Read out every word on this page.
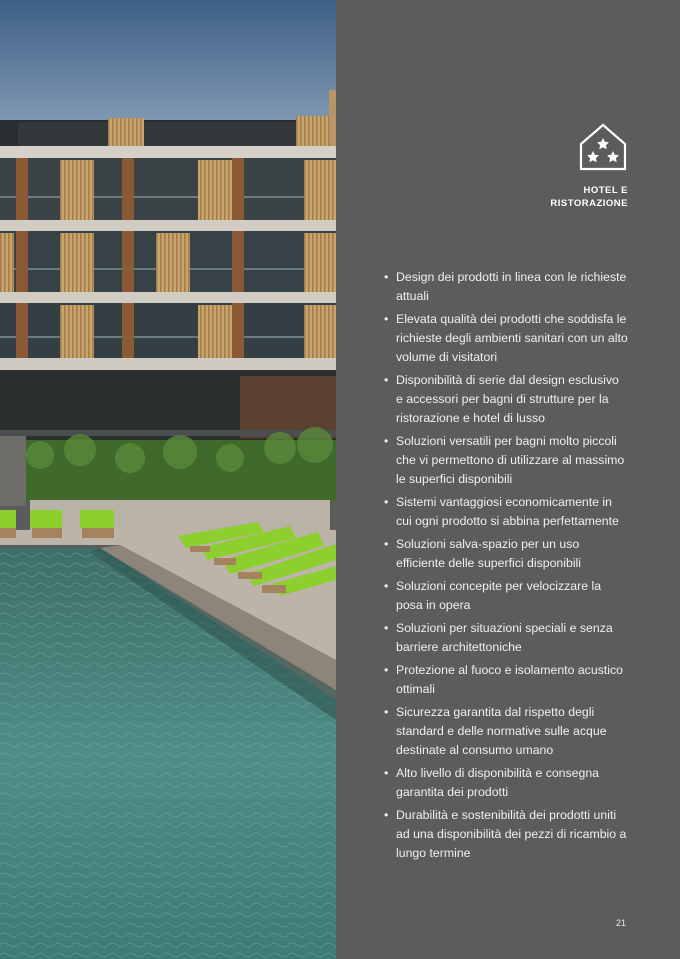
HOTEL E
RISTORAZIONE
• Design dei prodotti in linea con le richieste attuali
• Elevata qualità dei prodotti che soddisfa le richieste degli ambienti sanitari con un alto volume di visitatori
• Disponibilità di serie dal design esclusivo e accessori per bagni di strutture per la ristorazione e hotel di lusso
• Soluzioni versatili per bagni molto piccoli che vi permettono di utilizzare al massimo le superfici disponibili
• Sistemi vantaggiosi economicamente in cui ogni prodotto si abbina perfettamente
• Soluzioni salva-spazio per un uso efficiente delle superfici disponibili
• Soluzioni concepite per velocizzare la posa in opera
• Soluzioni per situazioni speciali e senza barriere architettoniche
• Protezione al fuoco e isolamento acustico ottimali
• Sicurezza garantita dal rispetto degli standard e delle normative sulle acque destinate al consumo umano
• Alto livello di disponibilità e consegna garantita dei prodotti
• Durabilità e sostenibilità dei prodotti uniti ad una disponibilità dei pezzi di ricambio a lungo termine
21
